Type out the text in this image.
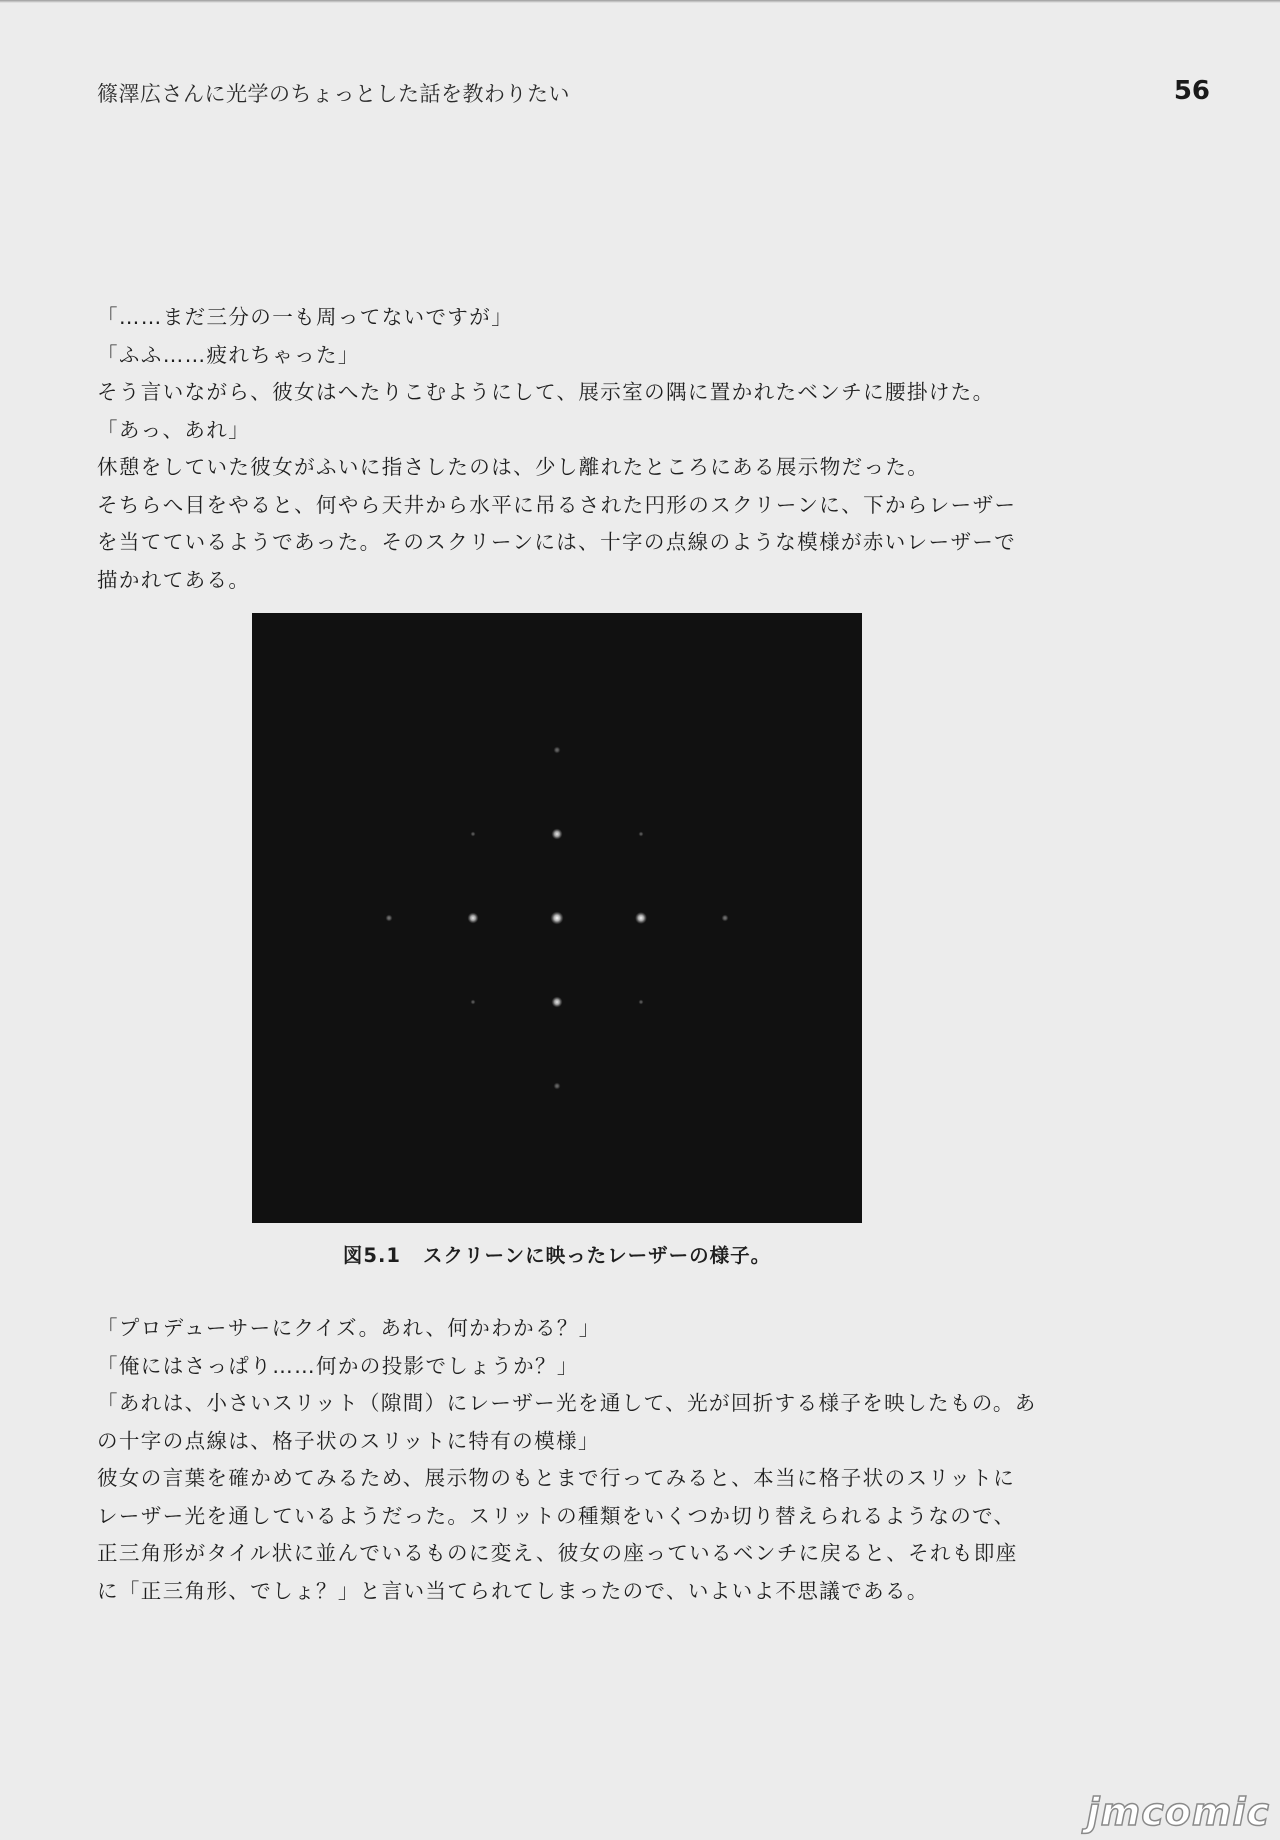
篠澤広さんに光学のちょっとした話を教わりたい	56

「……まだ三分の一も周ってないですが」

「ふふ……疲れちゃった」

そう言いながら、彼女はへたりこむようにして、展示室の隅に置かれたベンチに腰掛けた。

「あっ、あれ」

休憩をしていた彼女がふいに指さしたのは、少し離れたところにある展示物だった。

そちらへ目をやると、何やら天井から水平に吊るされた円形のスクリーンに、下からレーザーを当てているようであった。そのスクリーンには、十字の点線のような模様が赤いレーザーで描かれてある。

図5.1 スクリーンに映ったレーザーの様子。

「プロデューサーにクイズ。あれ、何かわかる？」

「俺にはさっぱり……何かの投影でしょうか？」

「あれは、小さいスリット（隙間）にレーザー光を通して、光が回折する様子を映したもの。あの十字の点線は、格子状のスリットに特有の模様」

彼女の言葉を確かめてみるため、展示物のもとまで行ってみると、本当に格子状のスリットにレーザー光を通しているようだった。スリットの種類をいくつか切り替えられるようなので、正三角形がタイル状に並んでいるものに変え、彼女の座っているベンチに戻ると、それも即座に「正三角形、でしょ？」と言い当てられてしまったので、いよいよ不思議である。

jmcomic
